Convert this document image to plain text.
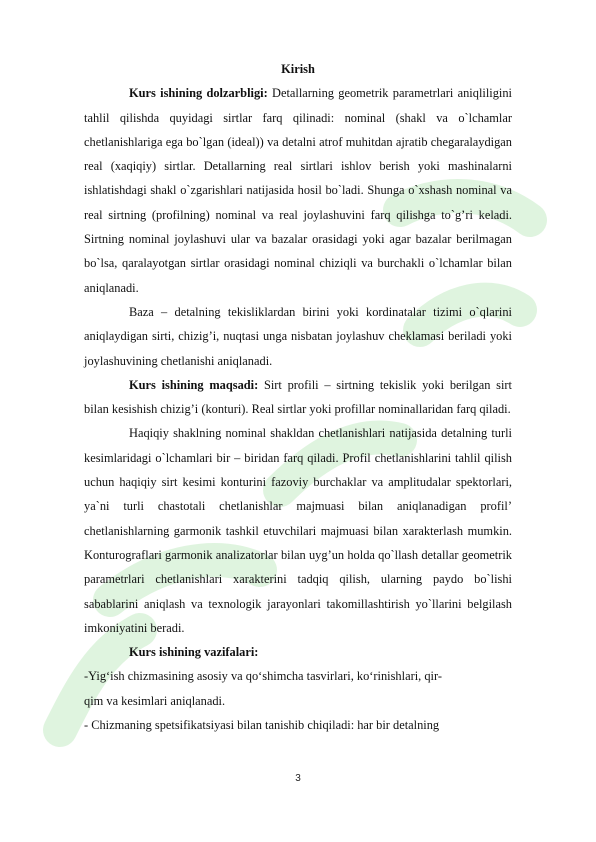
Kirish

Kurs ishining dolzarbligi: Detallarning geometrik parametrlari aniqliligini tahlil qilishda quyidagi sirtlar farq qilinadi: nominal (shakl va o`lchamlar chetlanishlariga ega bo`lgan (ideal)) va detalni atrof muhitdan ajratib chegaralaydigan real (xaqiqiy) sirtlar. Detallarning real sirtlari ishlov berish yoki mashinalarni ishlatishdagi shakl o`zgarishlari natijasida hosil bo`ladi. Shunga o`xshash nominal va real sirtning (profilning) nominal va real joylashuvini farq qilishga to`g’ri keladi. Sirtning nominal joylashuvi ular va bazalar orasidagi yoki agar bazalar berilmagan bo`lsa, qaralayotgan sirtlar orasidagi nominal chiziqli va burchakli o`lchamlar bilan aniqlanadi.

Baza – detalning tekisliklardan birini yoki kordinatalar tizimi o`qlarini aniqlaydigan sirti, chizig’i, nuqtasi unga nisbatan joylashuv cheklamasi beriladi yoki joylashuvining chetlanishi aniqlanadi.

Kurs ishining maqsadi: Sirt profili – sirtning tekislik yoki berilgan sirt bilan kesishish chizig’i (konturi). Real sirtlar yoki profillar nominallaridan farq qiladi.

Haqiqiy shaklning nominal shakldan chetlanishlari natijasida detalning turli kesimlaridagi o`lchamlari bir – biridan farq qiladi. Profil chetlanishlarini tahlil qilish uchun haqiqiy sirt kesimi konturini fazoviy burchaklar va amplitudalar spektorlari, ya`ni turli chastotali chetlanishlar majmuasi bilan aniqlanadigan profil’ chetlanishlarning garmonik tashkil etuvchilari majmuasi bilan xarakterlash mumkin. Konturograflari garmonik analizatorlar bilan uyg’un holda qo`llash detallar geometrik parametrlari chetlanishlari xarakterini tadqiq qilish, ularning paydo bo`lishi sabablarini aniqlash va texnologik jarayonlari takomillashtirish yo`llarini belgilash imkoniyatini beradi.

Kurs ishining vazifalari:

-Yig‘ish chizmasining asosiy va qo‘shimcha tasvirlari, ko‘rinishlari, qir-

qim va kesimlari aniqlanadi.

- Chizmaning spetsifikatsiyasi bilan tanishib chiqiladi: har bir detalning

3
